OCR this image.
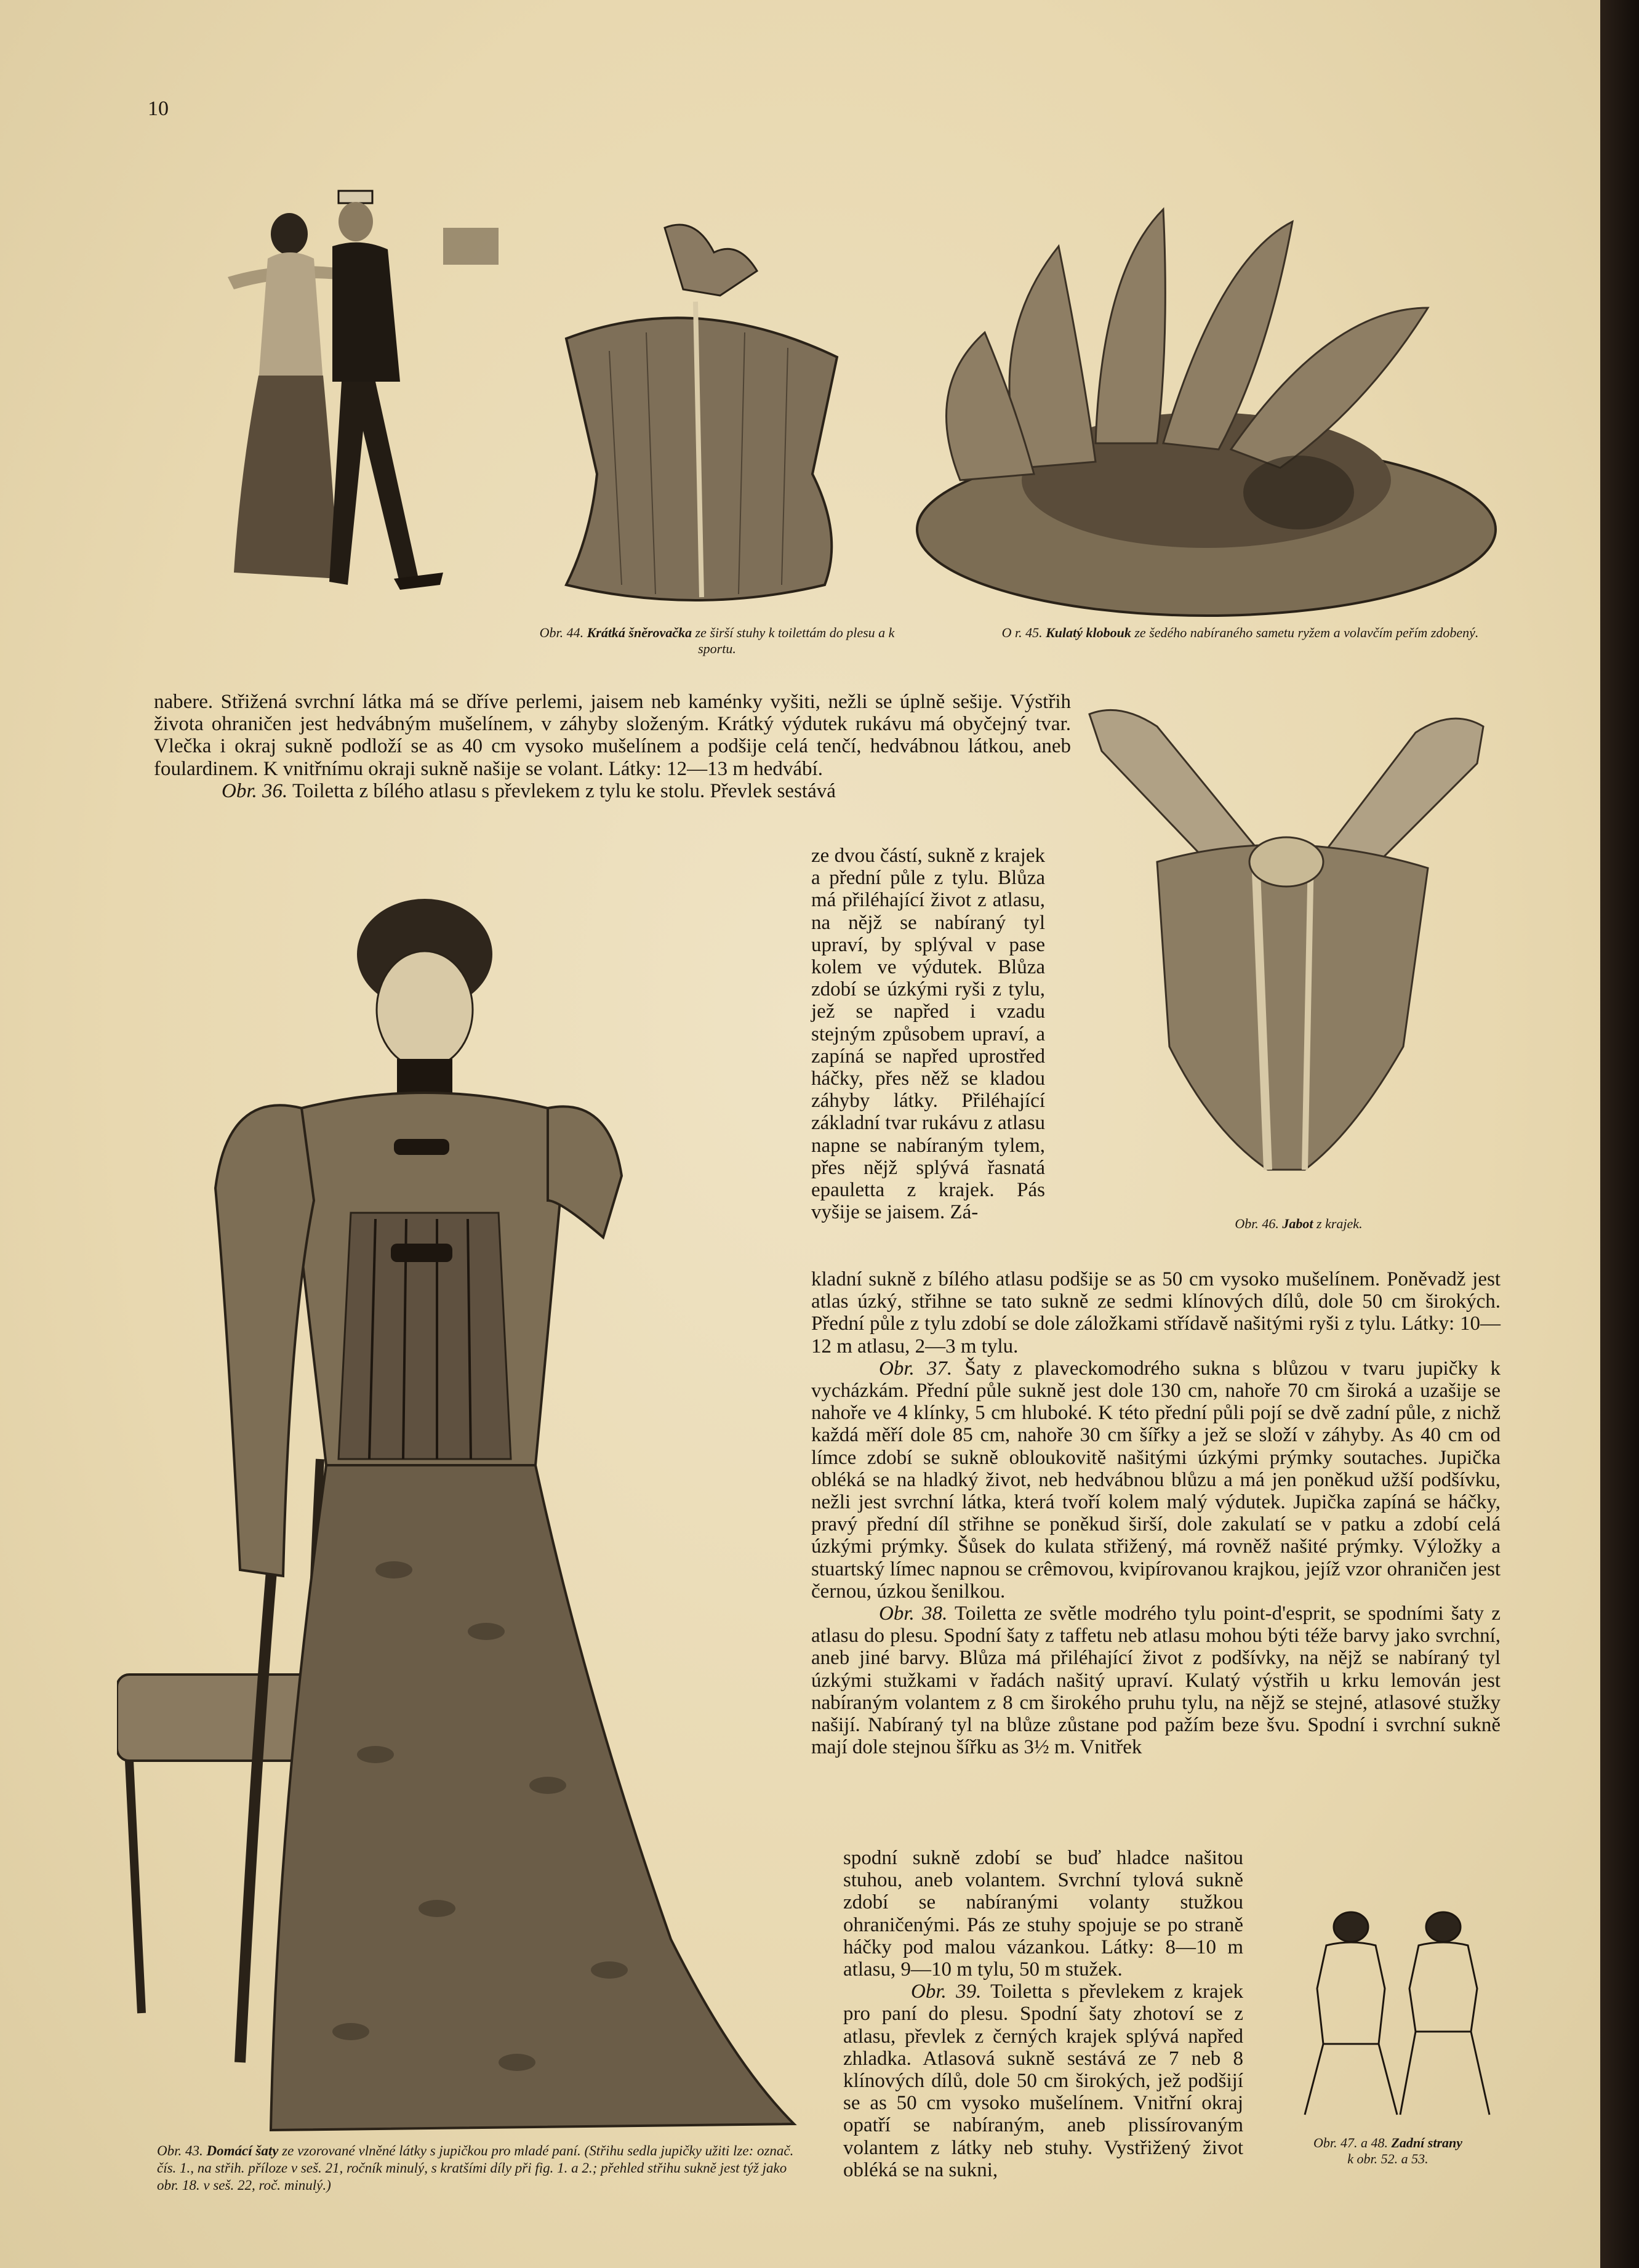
10
Obr. 44. Krátká šněrovačka ze širší stuhy k toilettám do plesu a k sportu.
O r. 45. Kulatý klobouk ze šedého nabíraného sametu ryžem a volavčím peřím zdobený.
Obr. 46. Jabot z krajek.
Obr. 43. Domácí šaty ze vzorované vlněné látky s jupičkou pro mladé paní. (Střihu sedla jupičky užiti lze: označ. čís. 1., na střih. příloze v seš. 21, ročník minulý, s kratšími díly při fig. 1. a 2.; přehled střihu sukně jest týž jako obr. 18. v seš. 22, roč. minulý.)
Obr. 47. a 48. Zadní strany
k obr. 52. a 53.

nabere. Střižená svrchní látka má se dříve perlemi, jaisem neb kaménky vyšiti, nežli se úplně sešije. Výstřih života ohraničen jest hedvábným mušelínem, v záhyby složeným. Krátký výdutek rukávu má obyčejný tvar. Vlečka i okraj sukně podloží se as 40 cm vysoko mušelínem a podšije celá tenčí, hedvábnou látkou, aneb foulardinem. K vnitřnímu okraji sukně našije se volant. Látky: 12—13 m hedvábí.

Obr. 36. Toiletta z bílého atlasu s převlekem z tylu ke stolu. Převlek sestává

ze dvou částí, sukně z krajek a přední půle z tylu. Blůza má přiléhající život z atlasu, na nějž se nabíraný tyl upraví, by splýval v pase kolem ve výdutek. Blůza zdobí se úzkými ryši z tylu, jež se napřed i vzadu stejným způsobem upraví, a zapíná se napřed uprostřed háčky, přes něž se kladou záhyby látky. Přiléhající základní tvar rukávu z atlasu napne se nabíraným tylem, přes nějž splývá řasnatá epauletta z krajek. Pás vyšije se jaisem. Zá-

kladní sukně z bílého atlasu podšije se as 50 cm vysoko mušelínem. Poněvadž jest atlas úzký, střihne se tato sukně ze sedmi klínových dílů, dole 50 cm širokých. Přední půle z tylu zdobí se dole záložkami střídavě našitými ryši z tylu. Látky: 10—12 m atlasu, 2—3 m tylu.

Obr. 37. Šaty z plaveckomodrého sukna s blůzou v tvaru jupičky k vycházkám. Přední půle sukně jest dole 130 cm, nahoře 70 cm široká a uzašije se nahoře ve 4 klínky, 5 cm hluboké. K této přední půli pojí se dvě zadní půle, z nichž každá měří dole 85 cm, nahoře 30 cm šířky a jež se složí v záhyby. As 40 cm od límce zdobí se sukně obloukovitě našitými úzkými prýmky soutaches. Jupička obléká se na hladký život, neb hedvábnou blůzu a má jen poněkud užší podšívku, nežli jest svrchní látka, která tvoří kolem malý výdutek. Jupička zapíná se háčky, pravý přední díl střihne se poněkud širší, dole zakulatí se v patku a zdobí celá úzkými prýmky. Šůsek do kulata střižený, má rovněž našité prýmky. Výložky a stuartský límec napnou se crêmovou, kvipírovanou krajkou, jejíž vzor ohraničen jest černou, úzkou šenilkou.

Obr. 38. Toiletta ze světle modrého tylu point-d'esprit, se spodními šaty z atlasu do plesu. Spodní šaty z taffetu neb atlasu mohou býti téže barvy jako svrchní, aneb jiné barvy. Blůza má přiléhající život z podšívky, na nějž se nabíraný tyl úzkými stužkami v řadách našitý upraví. Kulatý výstřih u krku lemován jest nabíraným volantem z 8 cm širokého pruhu tylu, na nějž se stejné, atlasové stužky našijí. Nabíraný tyl na blůze zůstane pod pažím beze švu. Spodní i svrchní sukně mají dole stejnou šířku as 3½ m. Vnitřek

spodní sukně zdobí se buď hladce našitou stuhou, aneb volantem. Svrchní tylová sukně zdobí se nabíranými volanty stužkou ohraničenými. Pás ze stuhy spojuje se po straně háčky pod malou vázankou. Látky: 8—10 m atlasu, 9—10 m tylu, 50 m stužek.

Obr. 39. Toiletta s převlekem z krajek pro paní do plesu. Spodní šaty zhotoví se z atlasu, převlek z černých krajek splývá napřed zhladka. Atlasová sukně sestává ze 7 neb 8 klínových dílů, dole 50 cm širokých, jež podšijí se as 50 cm vysoko mušelínem. Vnitřní okraj opatří se nabíraným, aneb plissírovaným volantem z látky neb stuhy. Vystřižený život obléká se na sukni,
